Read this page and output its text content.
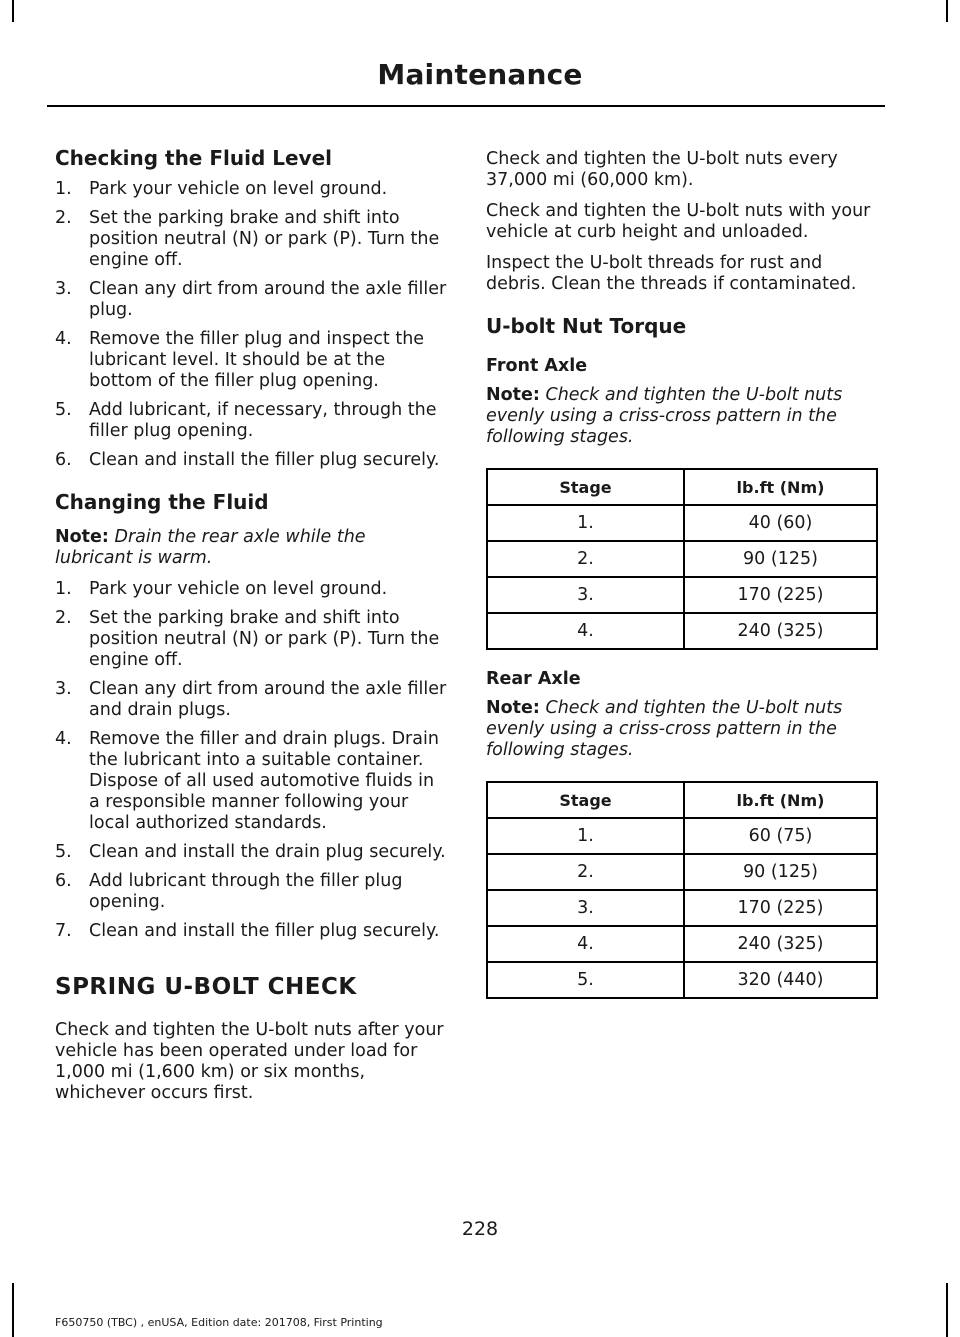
Maintenance
Checking the Fluid Level
1. Park your vehicle on level ground.
2. Set the parking brake and shift into position neutral (N) or park (P). Turn the engine off.
3. Clean any dirt from around the axle filler plug.
4. Remove the filler plug and inspect the lubricant level. It should be at the bottom of the filler plug opening.
5. Add lubricant, if necessary, through the filler plug opening.
6. Clean and install the filler plug securely.
Changing the Fluid

Note: Drain the rear axle while the lubricant is warm.

1. Park your vehicle on level ground.
2. Set the parking brake and shift into position neutral (N) or park (P). Turn the engine off.
3. Clean any dirt from around the axle filler and drain plugs.
4. Remove the filler and drain plugs. Drain the lubricant into a suitable container. Dispose of all used automotive fluids in a responsible manner following your local authorized standards.
5. Clean and install the drain plug securely.
6. Add lubricant through the filler plug opening.
7. Clean and install the filler plug securely.
SPRING U-BOLT CHECK

Check and tighten the U-bolt nuts after your vehicle has been operated under load for 1,000 mi (1,600 km) or six months, whichever occurs first.

Check and tighten the U-bolt nuts every 37,000 mi (60,000 km).

Check and tighten the U-bolt nuts with your vehicle at curb height and unloaded.

Inspect the U-bolt threads for rust and debris. Clean the threads if contaminated.

U-bolt Nut Torque
Front Axle

Note: Check and tighten the U-bolt nuts evenly using a criss-cross pattern in the following stages.

Stage	lb.ft (Nm)
1.	40 (60)
2.	90 (125)
3.	170 (225)
4.	240 (325)
Rear Axle

Note: Check and tighten the U-bolt nuts evenly using a criss-cross pattern in the following stages.

Stage	lb.ft (Nm)
1.	60 (75)
2.	90 (125)
3.	170 (225)
4.	240 (325)
5.	320 (440)
228
F650750 (TBC) , enUSA, Edition date: 201708, First Printing
